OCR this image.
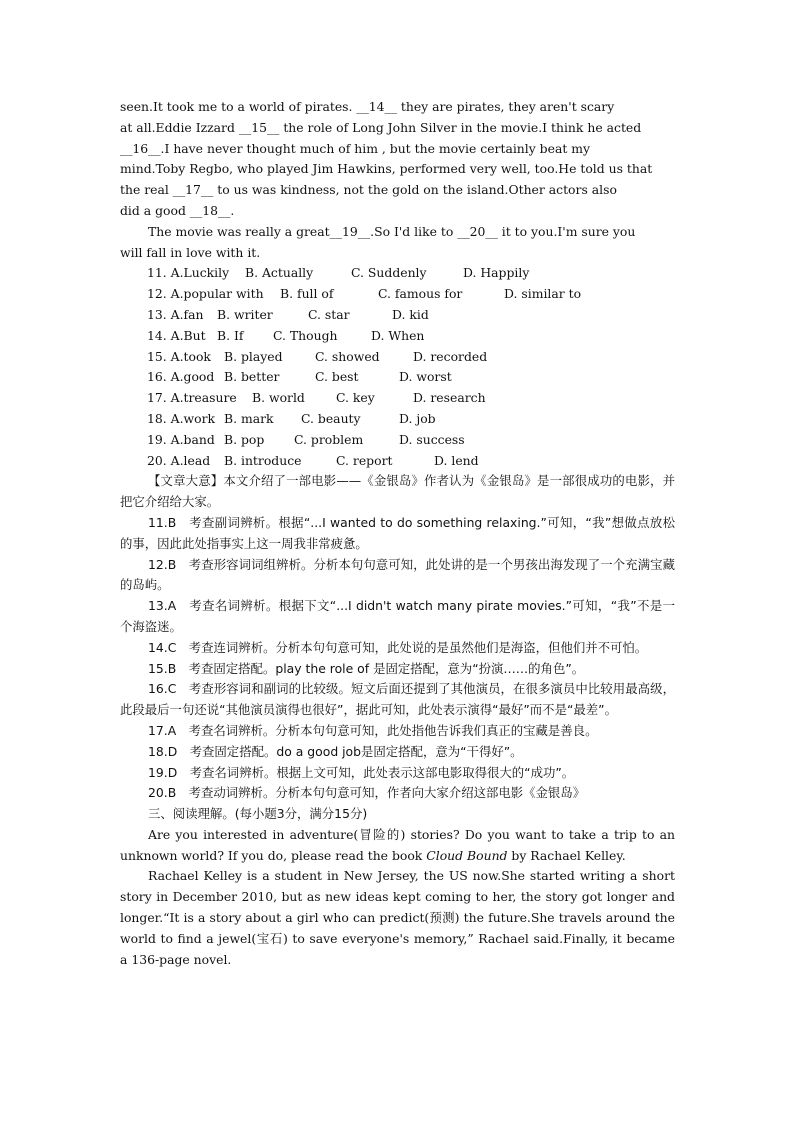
seen.It took me to a world of pirates. __14__ they are pirates, they aren't scary
at all.Eddie Izzard __15__ the role of Long John Silver in the movie.I think he acted
__16__.I have never thought much of him , but the movie certainly beat my
mind.Toby Regbo, who played Jim Hawkins, performed very well, too.He told us that
the real __17__ to us was kindness, not the gold on the island.Other actors also
did a good __18__.
The movie was really a great__19__.So I'd like to __20__ it to you.I'm sure you
will fall in love with it.
11. A.Luckily B. Actually	C. Suddenly	D. Happily
12. A.popular with B. full of	C. famous for	D. similar to
13. A.fan B. writer	C. star	D. kid
14. A.But B. If C. Though	D. When
15. A.took B. played	C. showed	D. recorded
16. A.good B. better	C. best	D. worst
17. A.treasure B. world	C. key	D. research
18. A.work B. mark C. beauty	D. job
19. A.band B. pop C. problem	D. success
20. A.lead B. introduce	C. report	D. lend

【文章大意】本文介绍了一部电影——《金银岛》作者认为《金银岛》是一部很成功的电影，并把它介绍给大家。

11.B　考查副词辨析。根据“...I wanted to do something relaxing.”可知，“我”想做点放松的事，因此此处指事实上这一周我非常疲惫。

12.B　考查形容词词组辨析。分析本句句意可知，此处讲的是一个男孩出海发现了一个充满宝藏的岛屿。

13.A　考查名词辨析。根据下文“...I didn't watch many pirate movies.”可知，“我”不是一个海盗迷。

14.C　考查连词辨析。分析本句句意可知，此处说的是虽然他们是海盗，但他们并不可怕。

15.B　考查固定搭配。play the role of 是固定搭配，意为“扮演……的角色”。

16.C　考查形容词和副词的比较级。短文后面还提到了其他演员，在很多演员中比较用最高级，此段最后一句还说“其他演员演得也很好”，据此可知，此处表示演得“最好”而不是“最差”。

17.A　考查名词辨析。分析本句句意可知，此处指他告诉我们真正的宝藏是善良。

18.D　考查固定搭配。do a good job是固定搭配，意为“干得好”。

19.D　考查名词辨析。根据上文可知，此处表示这部电影取得很大的“成功”。

20.B　考查动词辨析。分析本句句意可知，作者向大家介绍这部电影《金银岛》

三、阅读理解。(每小题3分，满分15分)

Are you interested in adventure(冒险的) stories? Do you want to take a trip to an unknown world? If you do, please read the book Cloud Bound by Rachael Kelley.

Rachael Kelley is a student in New Jersey, the US now.She started writing a short story in December 2010, but as new ideas kept coming to her, the story got longer and longer.“It is a story about a girl who can predict(预测) the future.She travels around the world to find a jewel(宝石) to save everyone's memory,” Rachael said.Finally, it became a 136-page novel.
